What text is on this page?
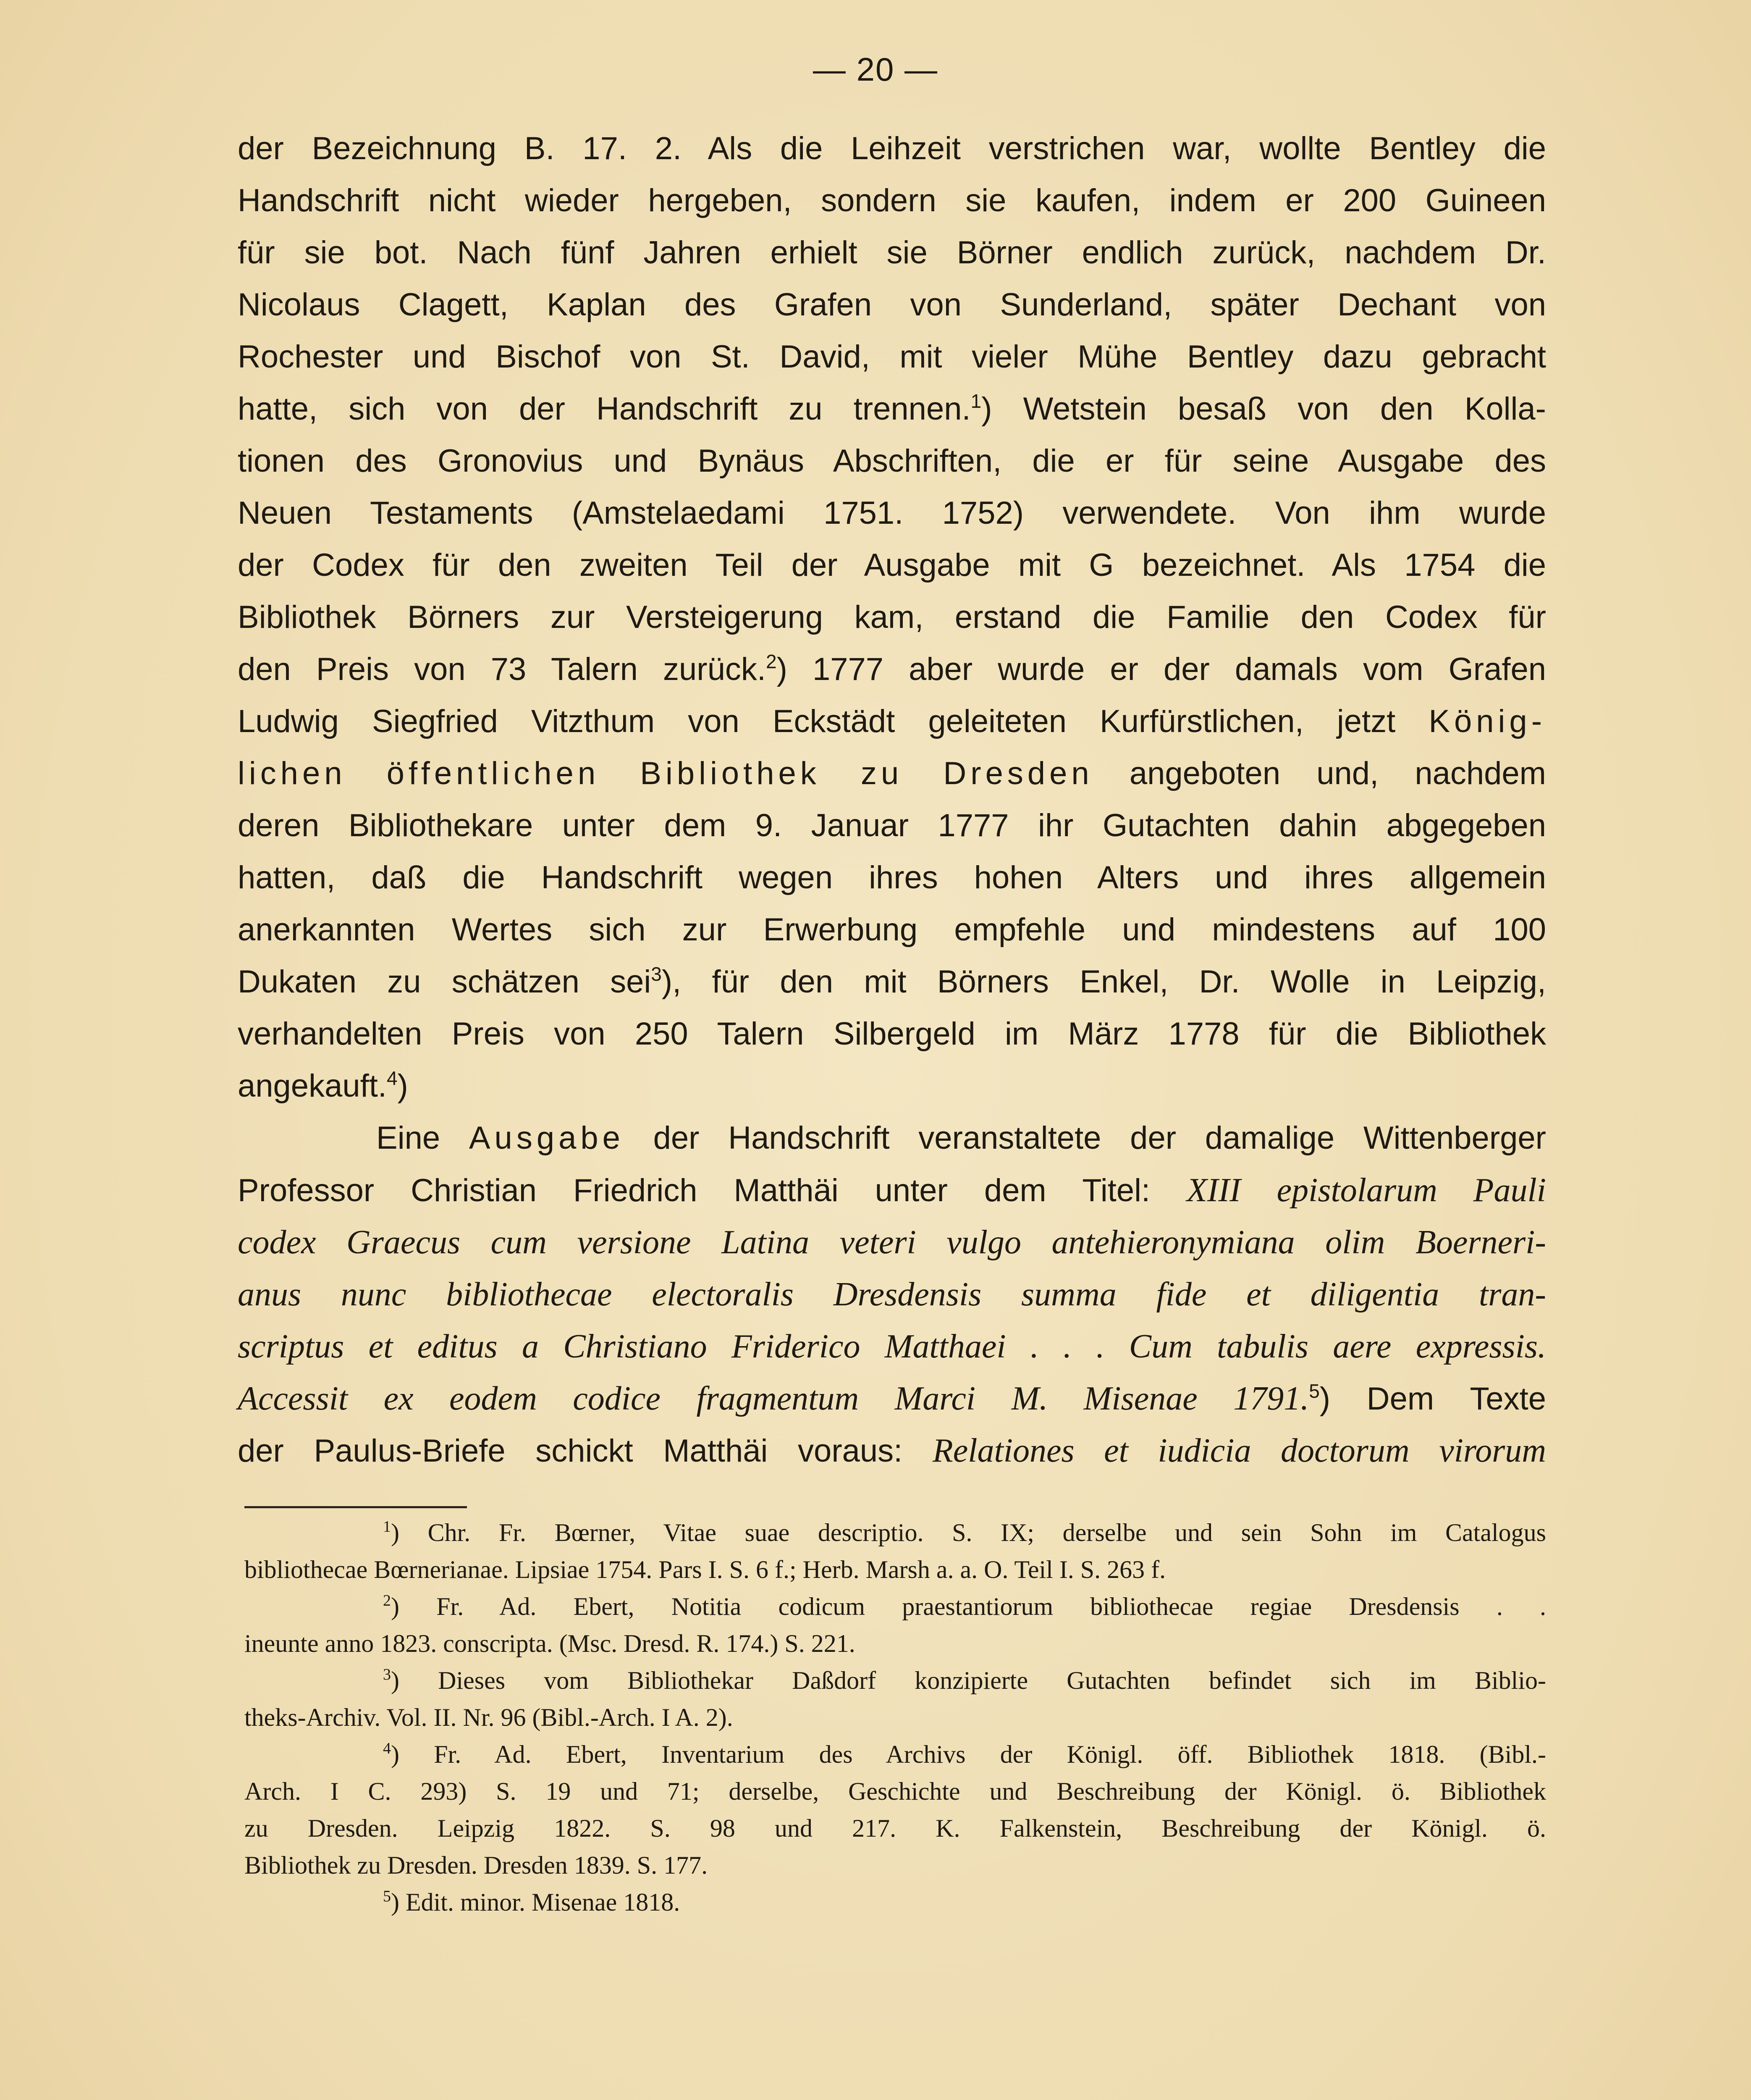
— 20 —
der Bezeichnung B. 17. 2. Als die Leihzeit verstrichen war, wollte Bentley die
Handschrift nicht wieder hergeben, sondern sie kaufen, indem er 200 Guineen
für sie bot. Nach fünf Jahren erhielt sie Börner endlich zurück, nachdem Dr.
Nicolaus Clagett, Kaplan des Grafen von Sunderland, später Dechant von
Rochester und Bischof von St. David, mit vieler Mühe Bentley dazu gebracht
hatte, sich von der Handschrift zu trennen.$^1$) Wetstein besaß von den Kolla-
tionen des Gronovius und Bynäus Abschriften, die er für seine Ausgabe des
Neuen Testaments (Amstelaedami 1751. 1752) verwendete. Von ihm wurde
der Codex für den zweiten Teil der Ausgabe mit G bezeichnet. Als 1754 die
Bibliothek Börners zur Versteigerung kam, erstand die Familie den Codex für
den Preis von 73 Talern zurück.$^2$) 1777 aber wurde er der damals vom Grafen
Ludwig Siegfried Vitzthum von Eckstädt geleiteten Kurfürstlichen, jetzt König-
lichen öffentlichen Bibliothek zu Dresden angeboten und, nachdem
deren Bibliothekare unter dem 9. Januar 1777 ihr Gutachten dahin abgegeben
hatten, daß die Handschrift wegen ihres hohen Alters und ihres allgemein
anerkannten Wertes sich zur Erwerbung empfehle und mindestens auf 100
Dukaten zu schätzen sei$^3$), für den mit Börners Enkel, Dr. Wolle in Leipzig,
verhandelten Preis von 250 Talern Silbergeld im März 1778 für die Bibliothek
angekauft.$^4$)
Eine Ausgabe der Handschrift veranstaltete der damalige Wittenberger
Professor Christian Friedrich Matthäi unter dem Titel: XIII epistolarum Pauli
codex Graecus cum versione Latina veteri vulgo antehieronymiana olim Boerneri-
anus nunc bibliothecae electoralis Dresdensis summa fide et diligentia tran-
scriptus et editus a Christiano Friderico Matthaei . . . Cum tabulis aere expressis.
Accessit ex eodem codice fragmentum Marci M. Misenae 1791.$^5$) Dem Texte
der Paulus-Briefe schickt Matthäi voraus: Relationes et iudicia doctorum virorum
$^1$) Chr. Fr. Bœrner, Vitae suae descriptio. S. IX; derselbe und sein Sohn im Catalogus
bibliothecae Bœrnerianae. Lipsiae 1754. Pars I. S. 6 f.; Herb. Marsh a. a. O. Teil I. S. 263 f.
$^2$) Fr. Ad. Ebert, Notitia codicum praestantiorum bibliothecae regiae Dresdensis . .
ineunte anno 1823. conscripta. (Msc. Dresd. R. 174.) S. 221.
$^3$) Dieses vom Bibliothekar Daßdorf konzipierte Gutachten befindet sich im Biblio-
theks-Archiv. Vol. II. Nr. 96 (Bibl.-Arch. I A. 2).
$^4$) Fr. Ad. Ebert, Inventarium des Archivs der Königl. öff. Bibliothek 1818. (Bibl.-
Arch. I C. 293) S. 19 und 71; derselbe, Geschichte und Beschreibung der Königl. ö. Bibliothek
zu Dresden. Leipzig 1822. S. 98 und 217. K. Falkenstein, Beschreibung der Königl. ö.
Bibliothek zu Dresden. Dresden 1839. S. 177.
$^5$) Edit. minor. Misenae 1818.
